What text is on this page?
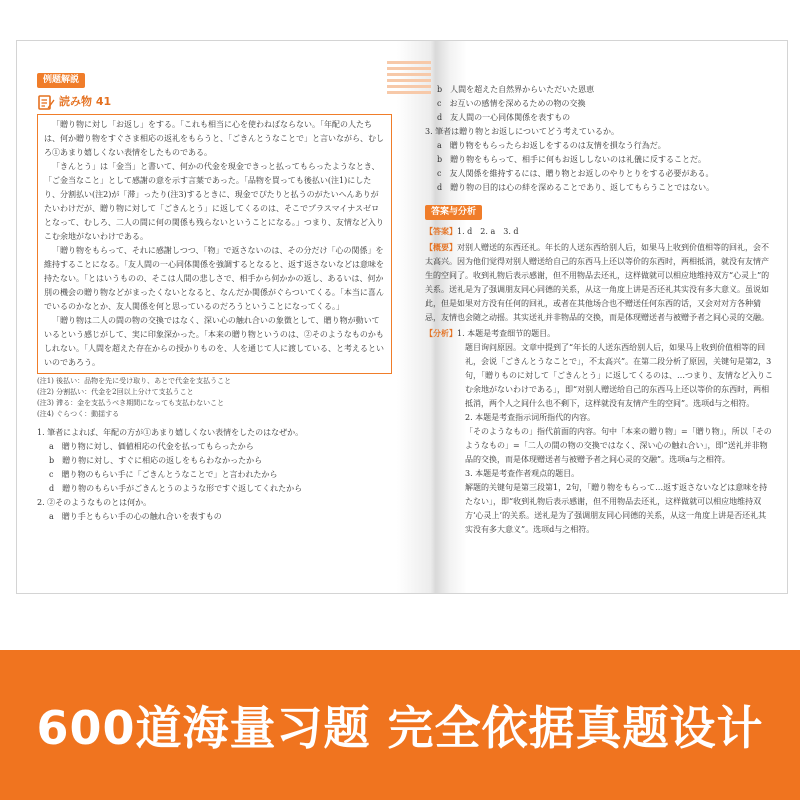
例题解説
読み物 41

「贈り物に対し「お返し」をする。「これも相当に心を使わねばならない。「年配の人たちは、何か贈り物をすぐさま相応の返礼をもらうと、「ごきんとうなことで」と言いながら、むしろ①あまり嬉しくない表情をしたものである。

「きんとう」は「金当」と書いて、何かの代金を現金できっと払ってもらったようなとき、「ご金当なこと」として感謝の意を示す言葉であった。「品物を買っても後払い(注1)にしたり、分割払い(注2)が「滞」ったり(注3)するときに、現金でぴたりと払うのがたいへんありがたいわけだが、贈り物に対して「ごきんとう」に返してくるのは、そこでプラスマイナスゼロとなって、むしろ、二人の間に何の関係も残らないということになる。」つまり、友情など入りこむ余地がないわけである。

「贈り物をもらって、それに感謝しつつ、「物」で返さないのは、その分だけ「心の関係」を維持することになる。「友人間の一心同体関係を強調するとなると、返す返さないなどは意味を持たない。「とはいうものの、そこは人間の悲しさで、相手から何かかの返し、あるいは、何か別の機会の贈り物などがまったくないとなると、なんだか関係がぐらついてくる。「本当に喜んでいるのかなとか、友人関係を何と思っているのだろうということになってくる。」

「贈り物は二人の間の物の交換ではなく、深い心の触れ合いの象徴として、贈り物が動いているという感じがして、実に印象深かった。「本来の贈り物というのは、②そのようなものかもしれない。「人間を超えた存在からの授かりものを、人を通じて人に渡している、と考えるといいのであろう。

(注1) 後払い：品物を先に受け取り、あとで代金を支払うこと
(注2) 分割払い：代金を2回以上分けて支払うこと
(注3) 滞る：金を支払うべき期間になっても支払わないこと
(注4) ぐらつく：動揺する
1. 筆者によれば、年配の方が①あまり嬉しくない表情をしたのはなぜか。
a　贈り物に対し、価値相応の代金を払ってもらったから
b　贈り物に対し、すぐに相応の返しをもらわなかったから
c　贈り物のもらい手に「ごきんとうなことで」と言われたから
d　贈り物のもらい手がごきんとうのような形ですぐ返してくれたから
2. ②そのようなものとは何か。
a　贈り手ともらい手の心の触れ合いを表すもの
b　人間を超えた自然界からいただいた恩恵
c　お互いの感情を深めるための物の交換
d　友人間の一心同体関係を表すもの
3. 筆者は贈り物とお返しについてどう考えているか。
a　贈り物をもらったらお返しをするのは友情を損なう行為だ。
b　贈り物をもらって、相手に何もお返ししないのは礼儀に反することだ。
c　友人関係を維持するには、贈り物とお返しのやりとりをする必要がある。
d　贈り物の目的は心の絆を深めることであり、返してもらうことではない。
答案与分析
【答案】1. d　2. a　3. d
【概要】对别人赠送的东西还礼。年长的人送东西给别人后，如果马上收到价值相等的回礼，会不太高兴。因为他们觉得对别人赠送给自己的东西马上还以等价的东西时，两相抵消，就没有友情产生的空间了。收到礼物后表示感谢，但不用物品去还礼，这样做就可以相应地维持双方“心灵上”的关系。送礼是为了强调朋友同心同德的关系，从这一角度上讲是否还礼其实没有多大意义。虽说如此，但是如果对方没有任何的回礼，或者在其他场合也不赠送任何东西的话，又会对对方各种猜忌，友情也会随之动摇。其实送礼并非物品的交换，而是体现赠送者与被赠予者之间心灵的交融。
【分析】1. 本题是考查细节的题目。
题目询问原因。文章中提到了“年长的人送东西给别人后，如果马上收到价值相等的回礼，会说「ごきんとうなことで」，不太高兴”。在第二段分析了原因，关键句是第2，3句，「贈りものに対して「ごきんとう」に返してくるのは、…つまり、友情など入りこむ余地がないわけである」，即“对别人赠送给自己的东西马上还以等价的东西时，两相抵消，两个人之间什么也不剩下，这样就没有友情产生的空间”。选项d与之相符。
2. 本题是考查指示词所指代的内容。
「そのようなもの」指代前面的内容。句中「本来の贈り物」=「贈り物」，所以「そのようなもの」=「二人の間の物の交換ではなく、深い心の触れ合い」，即“送礼并非物品的交换，而是体现赠送者与被赠予者之间心灵的交融”。选项a与之相符。
3. 本题是考查作者观点的题目。
解题的关键句是第三段第1，2句，「贈り物をもらって…返す返さないなどは意味を持たない」，即“收到礼物后表示感谢，但不用物品去还礼，这样做就可以相应地维持双方‘心灵上’的关系。送礼是为了强调朋友同心同德的关系，从这一角度上讲是否还礼其实没有多大意义”。选项d与之相符。
600道海量习题 完全依据真题设计
